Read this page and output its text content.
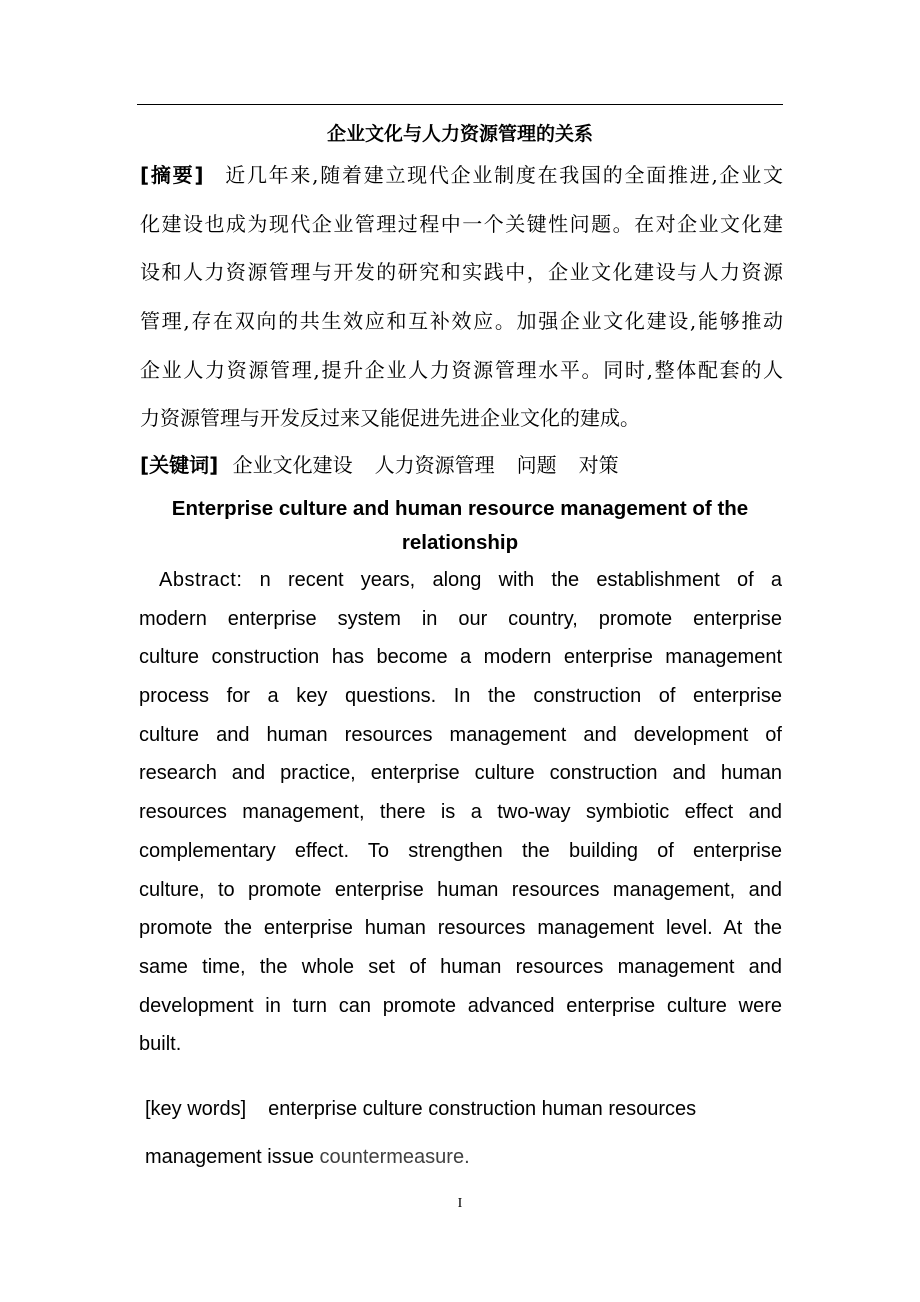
企业文化与人力资源管理的关系
[摘要] 近几年来,随着建立现代企业制度在我国的全面推进,企业文
化建设也成为现代企业管理过程中一个关键性问题。在对企业文化建
设和人力资源管理与开发的研究和实践中，企业文化建设与人力资源
管理,存在双向的共生效应和互补效应。加强企业文化建设,能够推动
企业人力资源管理,提升企业人力资源管理水平。同时,整体配套的人
力资源管理与开发反过来又能促进先进企业文化的建成。
[关键词] 企业文化建设 人力资源管理 问题 对策
Enterprise culture and human resource management of the relationship
Abstract: n recent years, along with the establishment of a
modern enterprise system in our country, promote enterprise
culture construction has become a modern enterprise management
process for a key questions. In the construction of enterprise
culture and human resources management and development of
research and practice, enterprise culture construction and human
resources management, there is a two-way symbiotic effect and
complementary effect. To strengthen the building of enterprise
culture, to promote enterprise human resources management, and
promote the enterprise human resources management level. At the
same time, the whole set of human resources management and
development in turn can promote advanced enterprise culture were
built.
[key words] enterprise culture construction human resources
management issue countermeasure.
I
